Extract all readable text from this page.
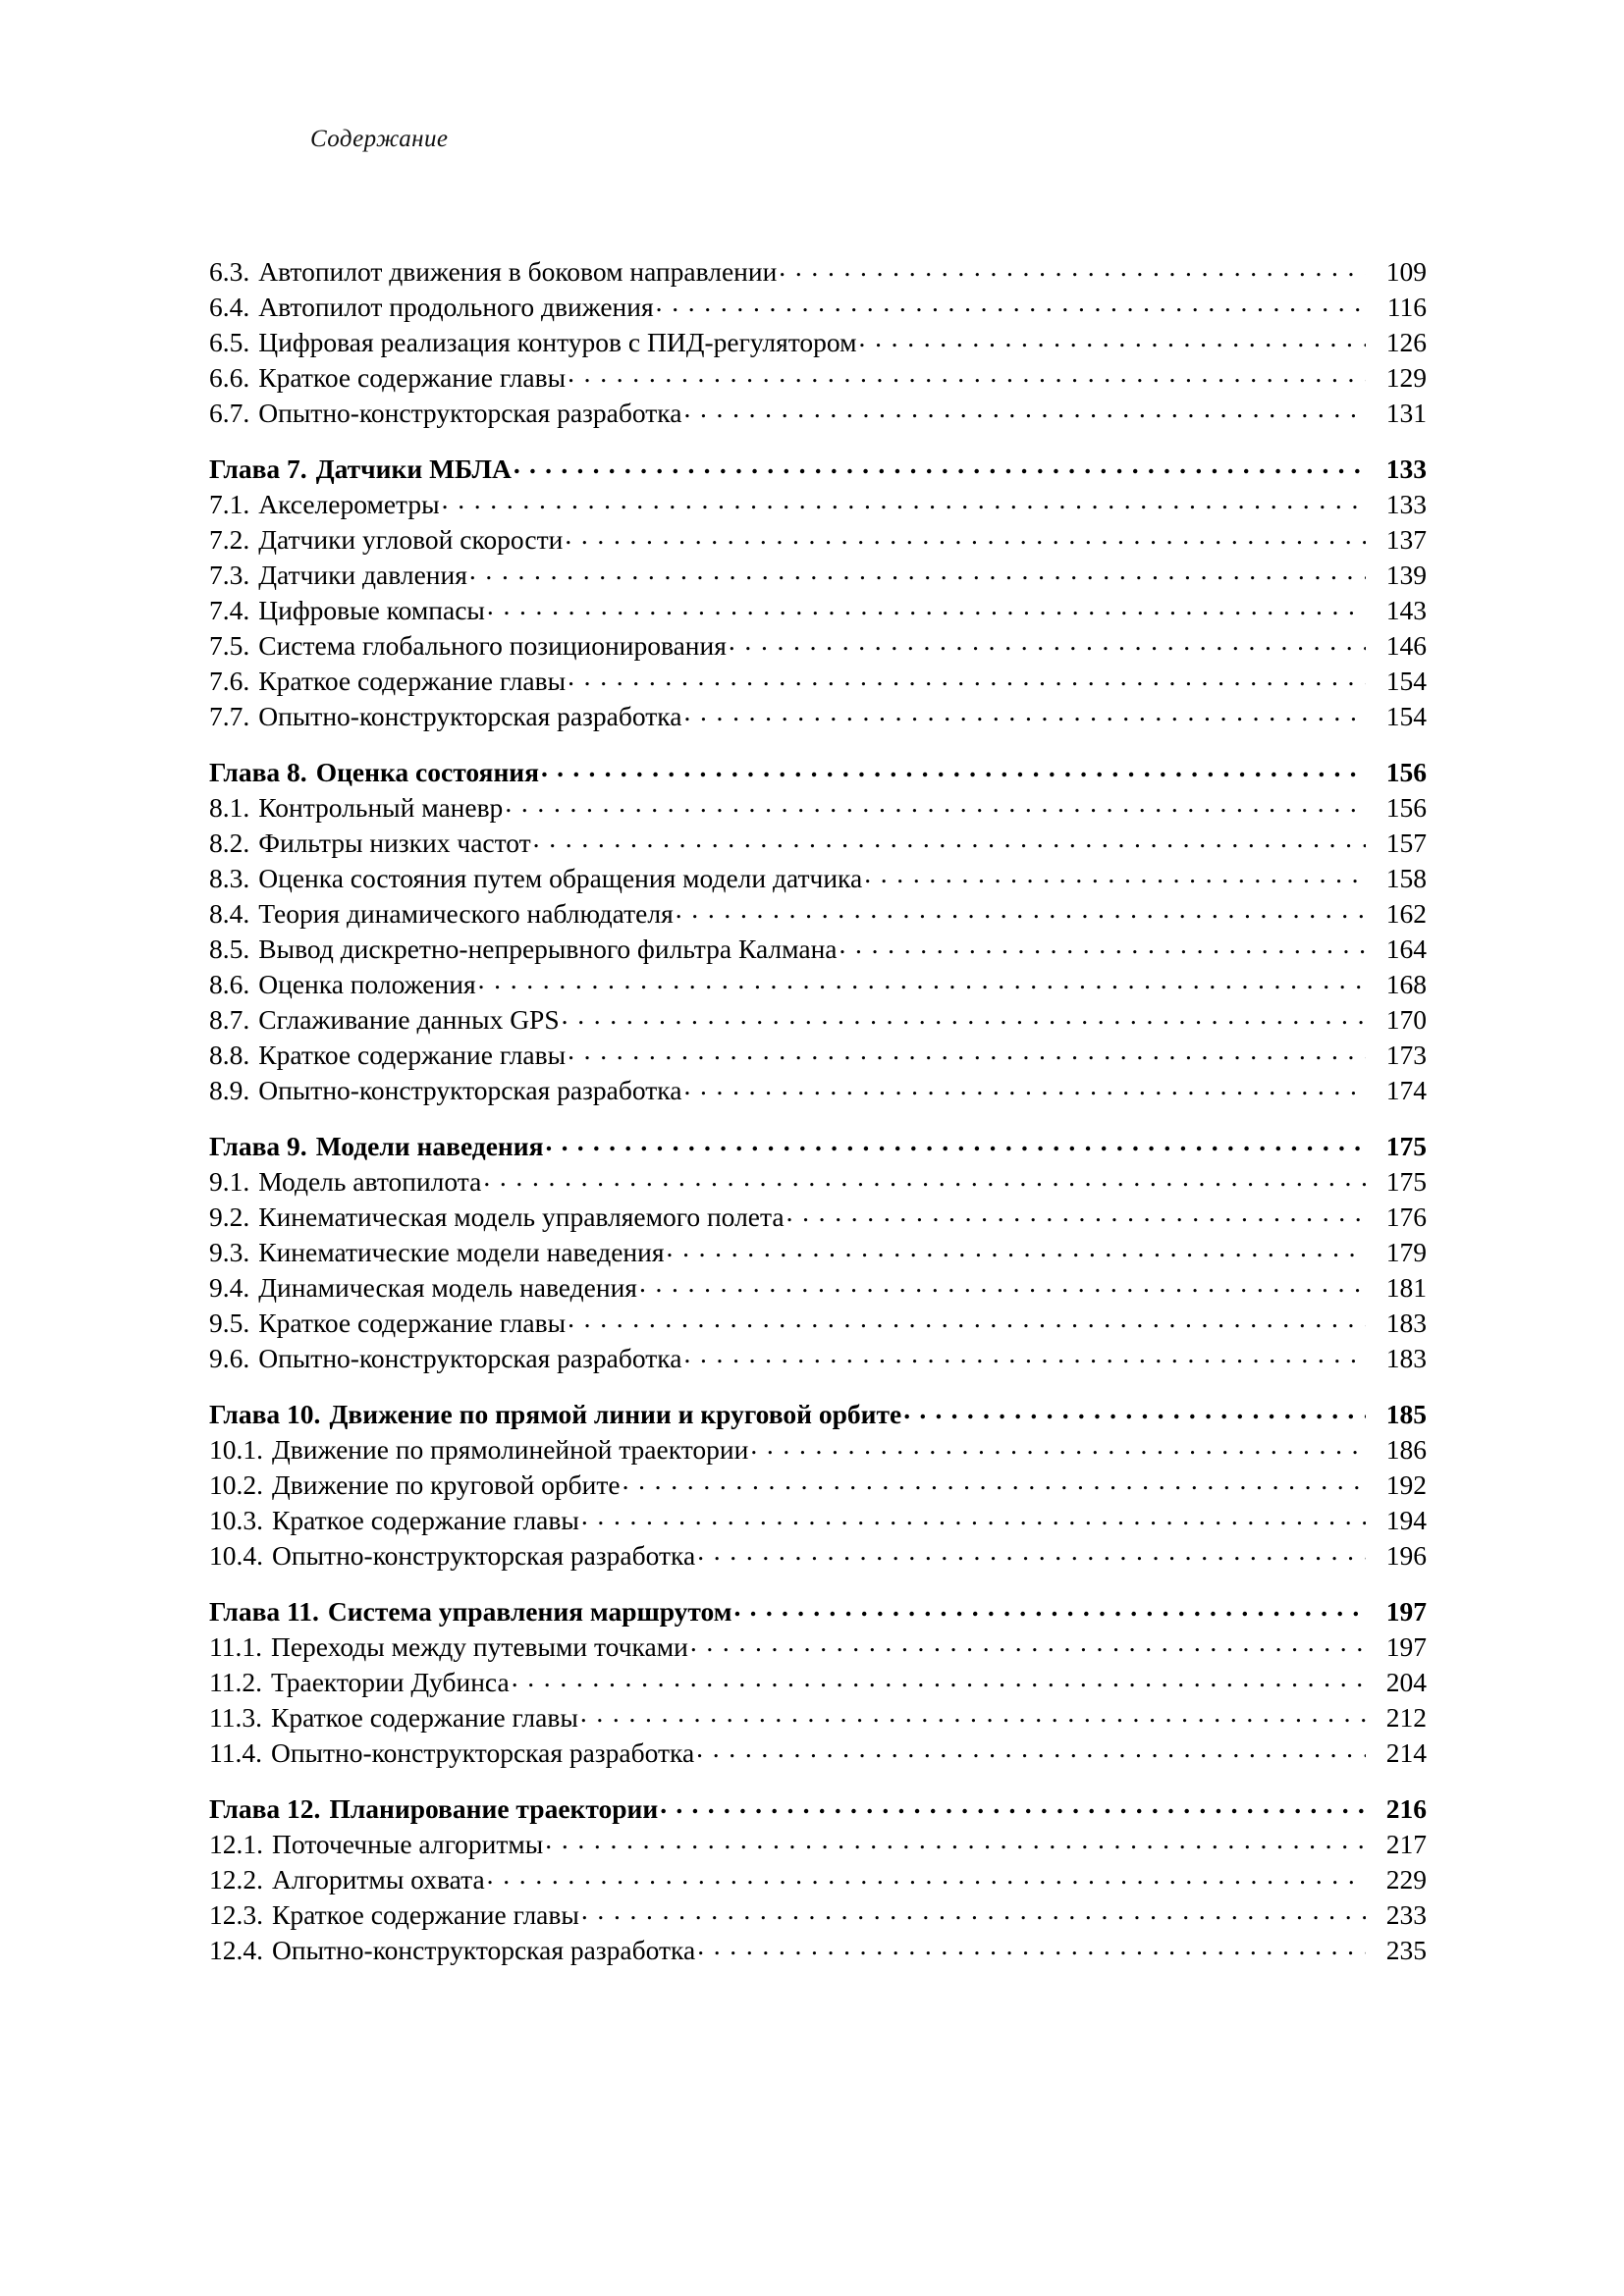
Содержание
6.3. Автопилот движения в боковом направлении . . .	109
6.4. Автопилот продольного движения . . .	116
6.5. Цифровая реализация контуров с ПИД-регулятором . . .	126
6.6. Краткое содержание главы . . .	129
6.7. Опытно-конструкторская разработка . . .	131
Глава 7. Датчики МБЛА . . .	133
7.1. Акселерометры . . .	133
7.2. Датчики угловой скорости . . .	137
7.3. Датчики давления . . .	139
7.4. Цифровые компасы . . .	143
7.5. Система глобального позиционирования . . .	146
7.6. Краткое содержание главы . . .	154
7.7. Опытно-конструкторская разработка . . .	154
Глава 8. Оценка состояния . . .	156
8.1. Контрольный маневр . . .	156
8.2. Фильтры низких частот . . .	157
8.3. Оценка состояния путем обращения модели датчика . . .	158
8.4. Теория динамического наблюдателя . . .	162
8.5. Вывод дискретно-непрерывного фильтра Калмана . . .	164
8.6. Оценка положения . . .	168
8.7. Сглаживание данных GPS . . .	170
8.8. Краткое содержание главы . . .	173
8.9. Опытно-конструкторская разработка . . .	174
Глава 9. Модели наведения . . .	175
9.1. Модель автопилота . . .	175
9.2. Кинематическая модель управляемого полета . . .	176
9.3. Кинематические модели наведения . . .	179
9.4. Динамическая модель наведения . . .	181
9.5. Краткое содержание главы . . .	183
9.6. Опытно-конструкторская разработка . . .	183
Глава 10. Движение по прямой линии и круговой орбите . . .	185
10.1. Движение по прямолинейной траектории . . .	186
10.2. Движение по круговой орбите . . .	192
10.3. Краткое содержание главы . . .	194
10.4. Опытно-конструкторская разработка . . .	196
Глава 11. Система управления маршрутом . . .	197
11.1. Переходы между путевыми точками . . .	197
11.2. Траектории Дубинса . . .	204
11.3. Краткое содержание главы . . .	212
11.4. Опытно-конструкторская разработка . . .	214
Глава 12. Планирование траектории . . .	216
12.1. Поточечные алгоритмы . . .	217
12.2. Алгоритмы охвата . . .	229
12.3. Краткое содержание главы . . .	233
12.4. Опытно-конструкторская разработка . . .	235
